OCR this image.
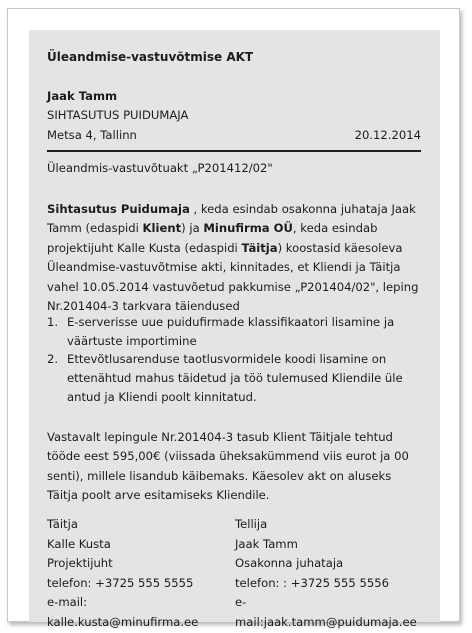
Üleandmise-vastuvõtmise AKT
Jaak Tamm
SIHTASUTUS PUIDUMAJA
Metsa 4, Tallinn	20.12.2014
Üleandmis-vastuvõtuakt „P201412/02"
Sihtasutus Puidumaja , keda esindab osakonna juhataja Jaak Tamm (edaspidi Klient) ja Minufirma OÜ, keda esindab projektijuht Kalle Kusta (edaspidi Täitja) koostasid käesoleva Üleandmise-vastuvõtmise akti, kinnitades, et Kliendi ja Täitja vahel 10.05.2014 vastuvõetud pakkumise „P201404/02", leping Nr.201404-3 tarkvara täiendused
1. E-serverisse uue puidufirmade klassifikaatori lisamine ja väärtuste importimine
2. Ettevõtlusarenduse taotlusvormidele koodi lisamine on ettenähtud mahus täidetud ja töö tulemused Kliendile üle antud ja Kliendi poolt kinnitatud.
Vastavalt lepingule Nr.201404-3 tasub Klient Täitjale tehtud tööde eest 595,00€ (viissada üheksakümmend viis eurot ja 00 senti), millele lisandub käibemaks. Käesolev akt on aluseks Täitja poolt arve esitamiseks Kliendile.
Täitja
Kalle Kusta
Projektijuht
telefon: +3725 555 5555
e-mail: kalle.kusta@minufirma.ee
Tellija
Jaak Tamm
Osakonna juhataja
telefon: : +3725 555 5556
e-mail:jaak.tamm@puidumaja.ee
